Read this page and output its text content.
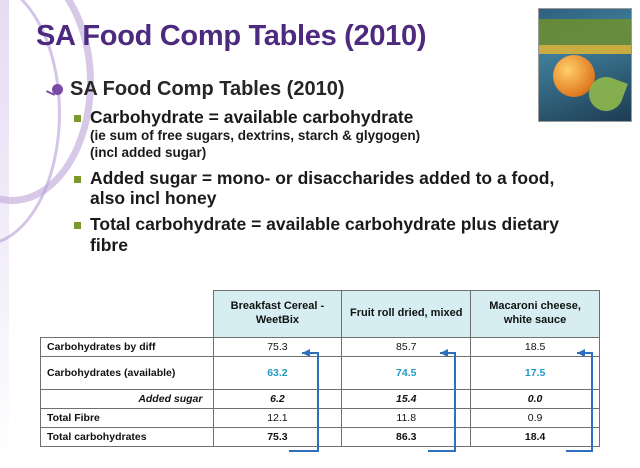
SA Food Comp Tables (2010)
SA Food Comp Tables (2010)
Carbohydrate = available carbohydrate
(ie sum of free sugars, dextrins, starch & glygogen)
(incl added sugar)
Added sugar = mono- or disaccharides added to a food, also incl honey
Total carbohydrate = available carbohydrate plus dietary fibre
	Breakfast Cereal - WeetBix	Fruit roll dried, mixed	Macaroni cheese, white sauce
Carbohydrates by diff	75.3	85.7	18.5
Carbohydrates (available)	63.2	74.5	17.5
Added sugar	6.2	15.4	0.0
Total Fibre	12.1	11.8	0.9
Total carbohydrates	75.3	86.3	18.4
